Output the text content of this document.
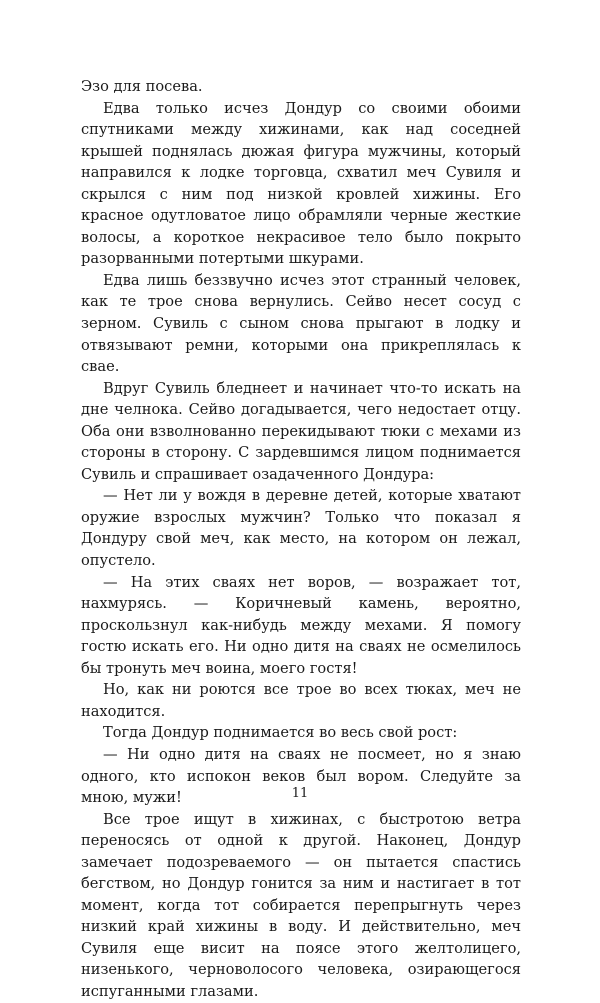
Эзо для посева.

Едва только исчез Дондур со своими обоими спутниками между хижинами, как над соседней крышей поднялась дюжая фигура мужчины, который направился к лодке торговца, схватил меч Сувиля и скрылся с ним под низкой кровлей хижины. Его красное одутловатое лицо обрамляли черные жесткие волосы, а короткое некрасивое тело было покрыто разорванными потертыми шкурами.

Едва лишь беззвучно исчез этот странный человек, как те трое снова вернулись. Сейво несет сосуд с зерном. Сувиль с сыном снова прыгают в лодку и отвязывают ремни, которыми она прикреплялась к свае.

Вдруг Сувиль бледнеет и начинает что-то искать на дне челнока. Сейво догадывается, чего недостает отцу. Оба они взволнованно перекидывают тюки с мехами из стороны в сторону. С зардевшимся лицом поднимается Сувиль и спрашивает озадаченного Дондура:

— Нет ли у вождя в деревне детей, которые хватают оружие взрослых мужчин? Только что показал я Дондуру свой меч, как место, на котором он лежал, опустело.

— На этих сваях нет воров, — возражает тот, нахмурясь. — Коричневый камень, вероятно, проскользнул как-нибудь между мехами. Я помогу гостю искать его. Ни одно дитя на сваях не осмелилось бы тронуть меч воина, моего гостя!

Но, как ни роются все трое во всех тюках, меч не находится.

Тогда Дондур поднимается во весь свой рост:

— Ни одно дитя на сваях не посмеет, но я знаю одного, кто испокон веков был вором. Следуйте за мною, мужи!

Все трое ищут в хижинах, с быстротою ветра переносясь от одной к другой. Наконец, Дондур замечает подозреваемого — он пытается спастись бегством, но Дондур гонится за ним и настигает в тот момент, когда тот собирается перепрыгнуть через низкий край хижины в воду. И действительно, меч Сувиля еще висит на поясе этого желтолицего, низенького, черноволосого человека, озирающегося испуганными глазами.

11
